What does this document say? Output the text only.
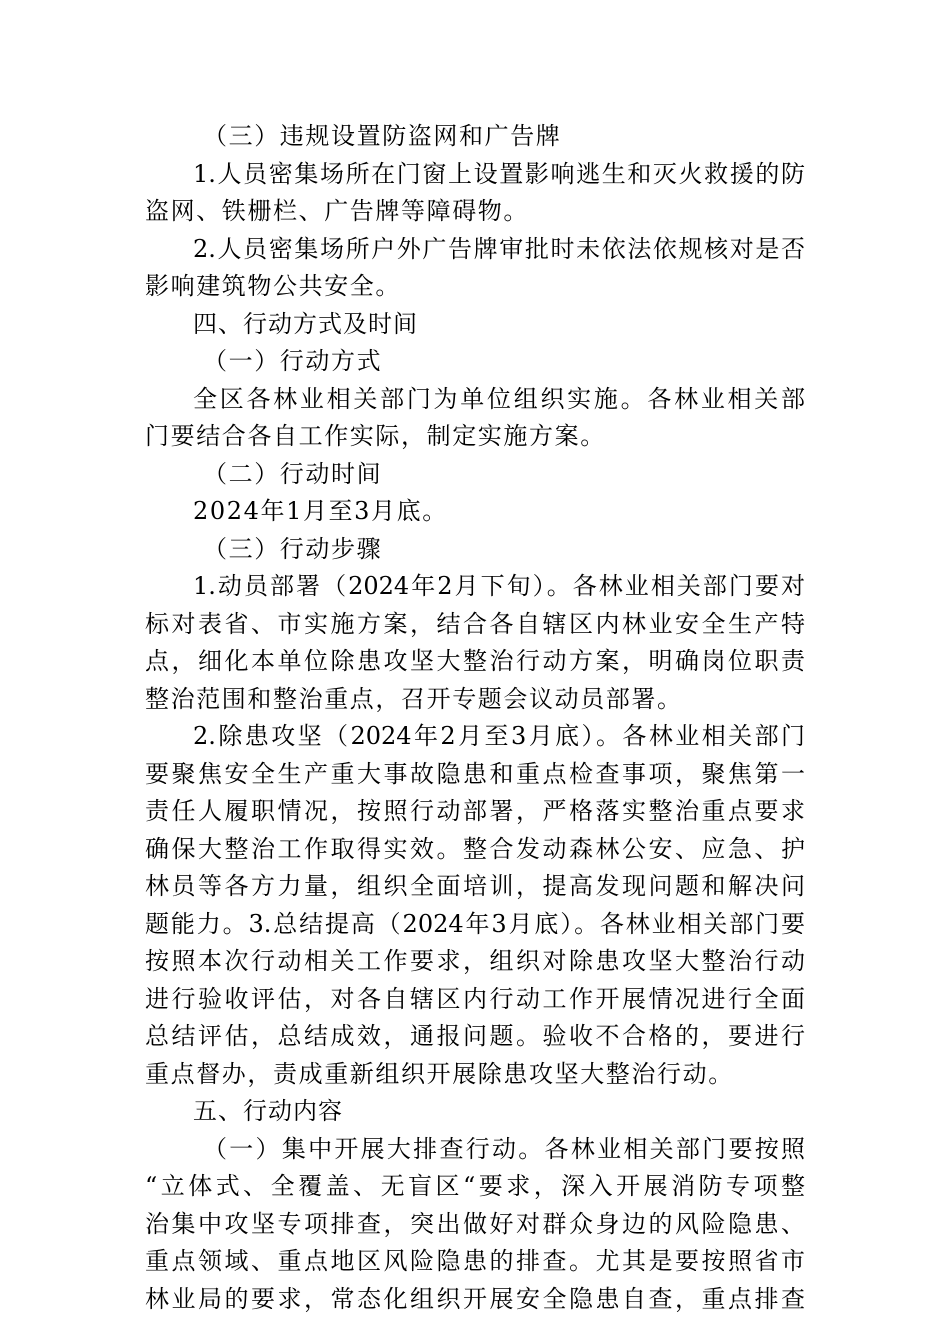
（三）违规设置防盗网和广告牌
1.人员密集场所在门窗上设置影响逃生和灭火救援的防
盗网、铁栅栏、广告牌等障碍物。
2.人员密集场所户外广告牌审批时未依法依规核对是否
影响建筑物公共安全。
四、行动方式及时间
（一）行动方式
全区各林业相关部门为单位组织实施。各林业相关部
门要结合各自工作实际，制定实施方案。
（二）行动时间
2024年1月至3月底。
（三）行动步骤
1.动员部署（2024年2月下旬）。各林业相关部门要对
标对表省、市实施方案，结合各自辖区内林业安全生产特
点，细化本单位除患攻坚大整治行动方案，明确岗位职责
整治范围和整治重点，召开专题会议动员部署。
2.除患攻坚（2024年2月至3月底）。各林业相关部门
要聚焦安全生产重大事故隐患和重点检查事项，聚焦第一
责任人履职情况，按照行动部署，严格落实整治重点要求
确保大整治工作取得实效。整合发动森林公安、应急、护
林员等各方力量，组织全面培训，提高发现问题和解决问
题能力。3.总结提高（2024年3月底）。各林业相关部门要
按照本次行动相关工作要求，组织对除患攻坚大整治行动
进行验收评估，对各自辖区内行动工作开展情况进行全面
总结评估，总结成效，通报问题。验收不合格的，要进行
重点督办，责成重新组织开展除患攻坚大整治行动。
五、行动内容
（一）集中开展大排查行动。各林业相关部门要按照
“立体式、全覆盖、无盲区“要求，深入开展消防专项整
治集中攻坚专项排查，突出做好对群众身边的风险隐患、
重点领域、重点地区风险隐患的排查。尤其是要按照省市
林业局的要求，常态化组织开展安全隐患自查，重点排查
